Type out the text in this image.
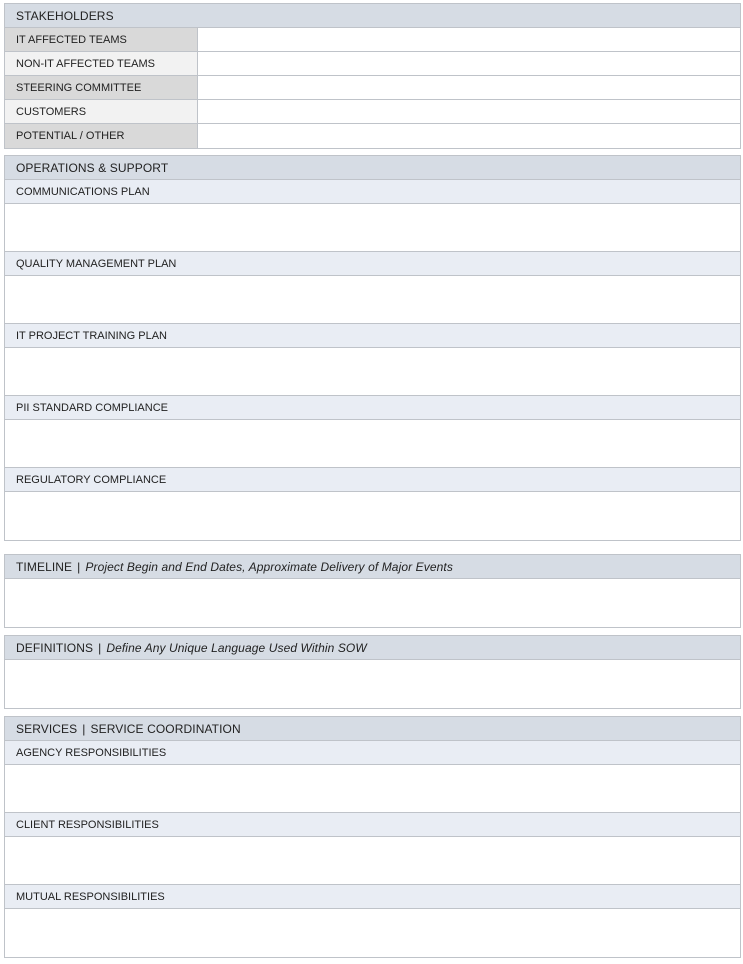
STAKEHOLDERS
IT AFFECTED TEAMS
NON-IT AFFECTED TEAMS
STEERING COMMITTEE
CUSTOMERS
POTENTIAL / OTHER
OPERATIONS & SUPPORT
COMMUNICATIONS PLAN
QUALITY MANAGEMENT PLAN
IT PROJECT TRAINING PLAN
PII STANDARD COMPLIANCE
REGULATORY COMPLIANCE
TIMELINE | Project Begin and End Dates, Approximate Delivery of Major Events
DEFINITIONS | Define Any Unique Language Used Within SOW
SERVICES | SERVICE COORDINATION
AGENCY RESPONSIBILITIES
CLIENT RESPONSIBILITIES
MUTUAL RESPONSIBILITIES
